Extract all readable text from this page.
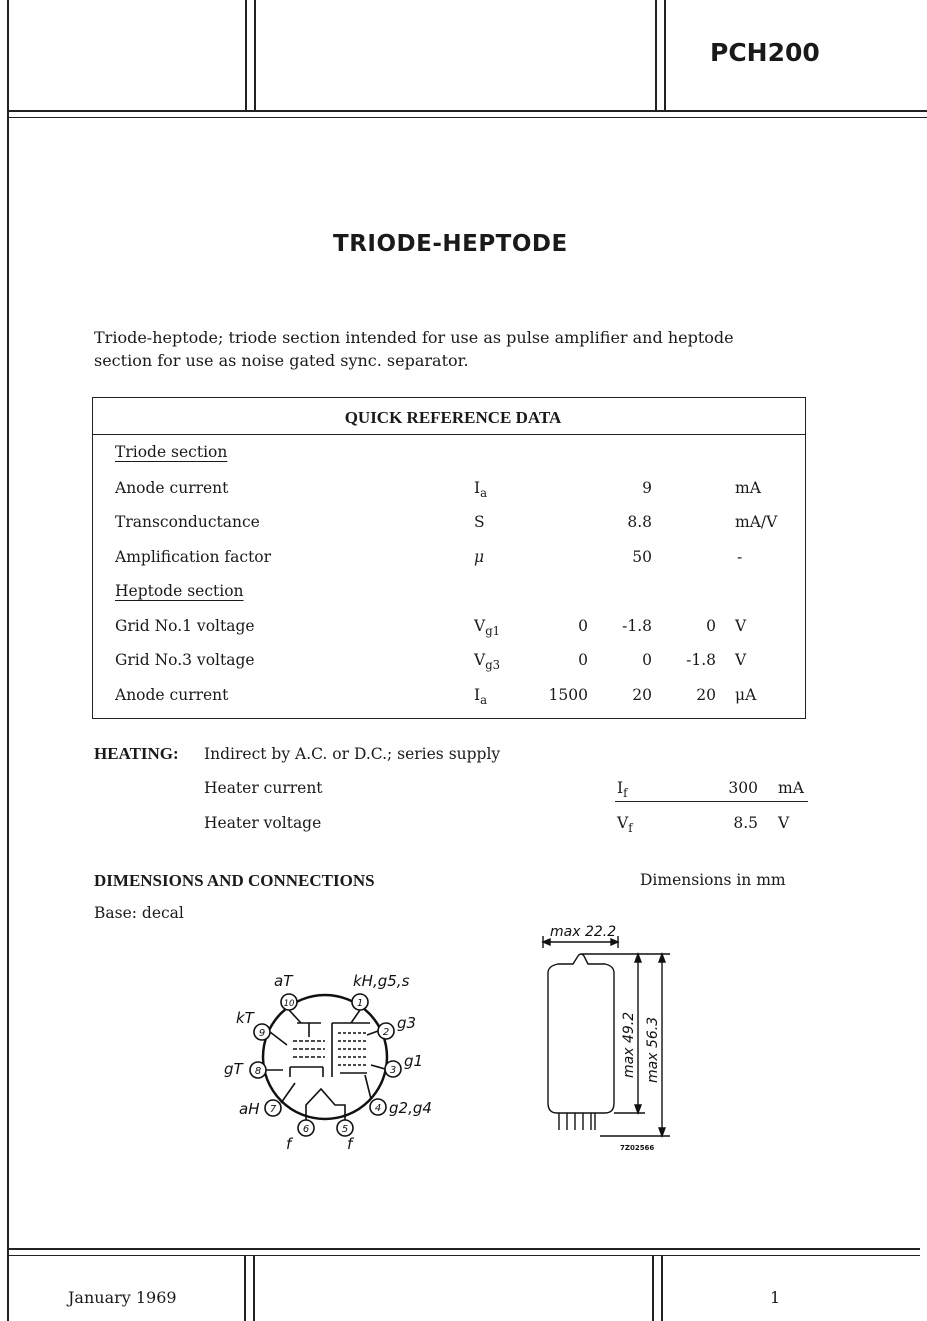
PCH200
TRIODE-HEPTODE
Triode-heptode; triode section intended for use as pulse amplifier and heptode
section for use as noise gated sync. separator.
QUICK REFERENCE DATA
Triode section
Anode current	$I_a$	9	mA
Transconductance	S	8.8	mA/V
Amplification factor	μ	50	-
Heptode section
Grid No.1 voltage	$V_{g1}$	0	-1.8	0 V
Grid No.3 voltage	$V_{g3}$	0	0	-1.8 V
Anode current	$I_a$	1500	20	20 μA
HEATING: Indirect by A.C. or D.C.; series supply
Heater current	$I_f$	300 mA
Heater voltage	$V_f$	8.5 V
DIMENSIONS AND CONNECTIONS	Dimensions in mm
Base: decal
1
2
3
4
5
6
7
8
9
10
kH,g5,s
g3
g1
g2,g4
f
f
aH
gT
kT
aT
max 22.2
max 49.2 max 56.3
7Z02566
January 1969	1
